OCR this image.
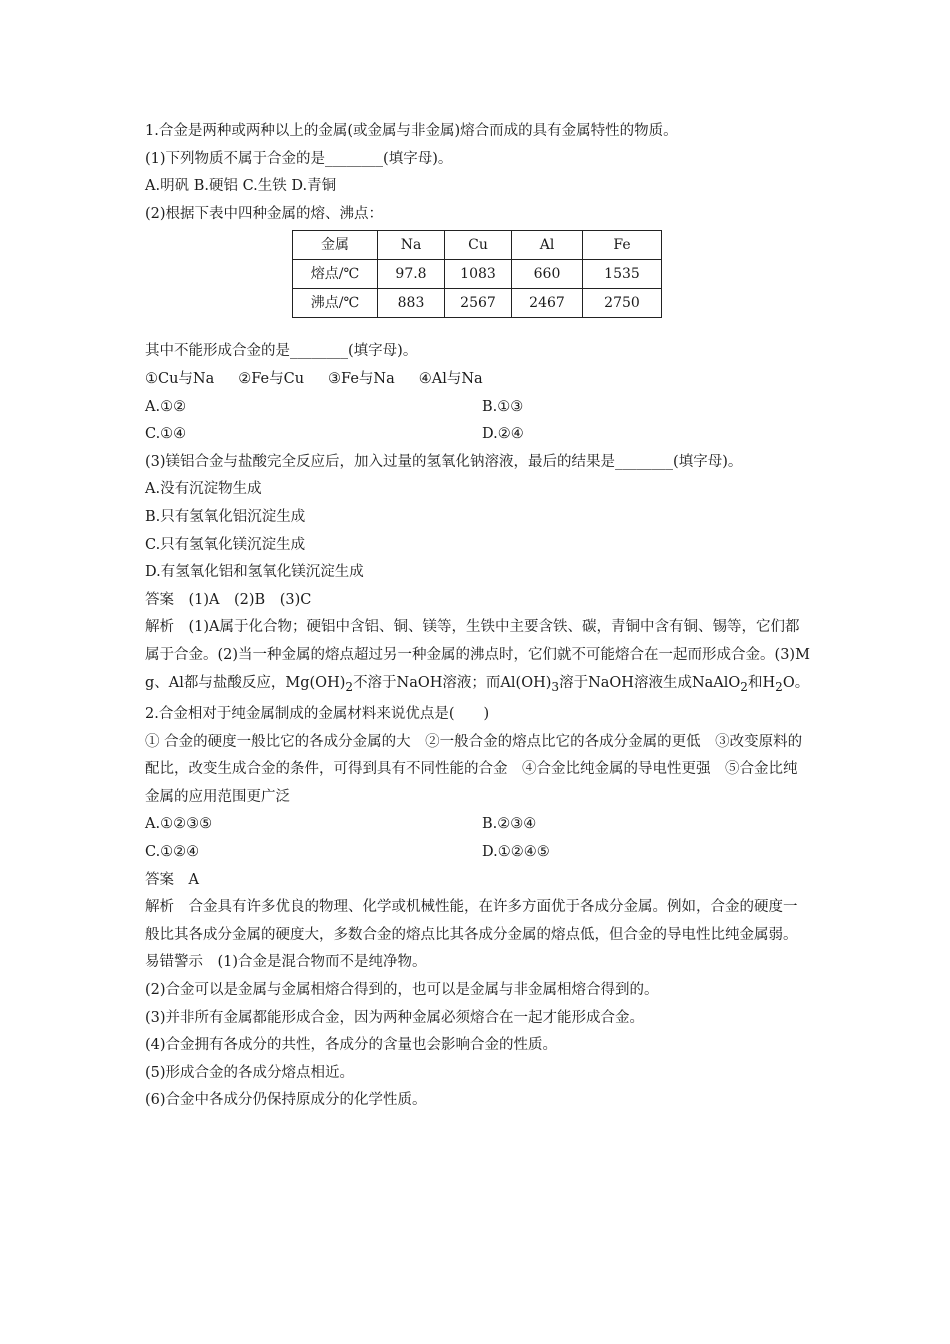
1.合金是两种或两种以上的金属(或金属与非金属)熔合而成的具有金属特性的物质。
(1)下列物质不属于合金的是________(填字母)。
A.明矾 B.硬铝 C.生铁 D.青铜
(2)根据下表中四种金属的熔、沸点：
金属	Na	Cu	Al	Fe
熔点/℃	97.8	1083	660	1535
沸点/℃	883	2567	2467	2750
其中不能形成合金的是________(填字母)。
①Cu与Na ②Fe与Cu ③Fe与Na ④Al与Na
A.①②	B.①③
C.①④	D.②④
(3)镁铝合金与盐酸完全反应后，加入过量的氢氧化钠溶液，最后的结果是________(填字母)。
A.没有沉淀物生成
B.只有氢氧化铝沉淀生成
C.只有氢氧化镁沉淀生成
D.有氢氧化铝和氢氧化镁沉淀生成
答案　(1)A　(2)B　(3)C
解析　(1)A属于化合物；硬铝中含铝、铜、镁等，生铁中主要含铁、碳，青铜中含有铜、锡等，它们都属于合金。(2)当一种金属的熔点超过另一种金属的沸点时，它们就不可能熔合在一起而形成合金。(3)Mg、Al都与盐酸反应，$Mg(OH)_2$不溶于NaOH溶液；而$Al(OH)_3$溶于NaOH溶液生成NaAlO$_2$和$H_2O$。
2.合金相对于纯金属制成的金属材料来说优点是(　　)
① 合金的硬度一般比它的各成分金属的大　②一般合金的熔点比它的各成分金属的更低　③改变原料的配比，改变生成合金的条件，可得到具有不同性能的合金　④合金比纯金属的导电性更强　⑤合金比纯金属的应用范围更广泛
A.①②③⑤	B.②③④
C.①②④	D.①②④⑤
答案　A
解析　合金具有许多优良的物理、化学或机械性能，在许多方面优于各成分金属。例如，合金的硬度一般比其各成分金属的硬度大，多数合金的熔点比其各成分金属的熔点低，但合金的导电性比纯金属弱。
易错警示　(1)合金是混合物而不是纯净物。
(2)合金可以是金属与金属相熔合得到的，也可以是金属与非金属相熔合得到的。
(3)并非所有金属都能形成合金，因为两种金属必须熔合在一起才能形成合金。
(4)合金拥有各成分的共性，各成分的含量也会影响合金的性质。
(5)形成合金的各成分熔点相近。
(6)合金中各成分仍保持原成分的化学性质。
